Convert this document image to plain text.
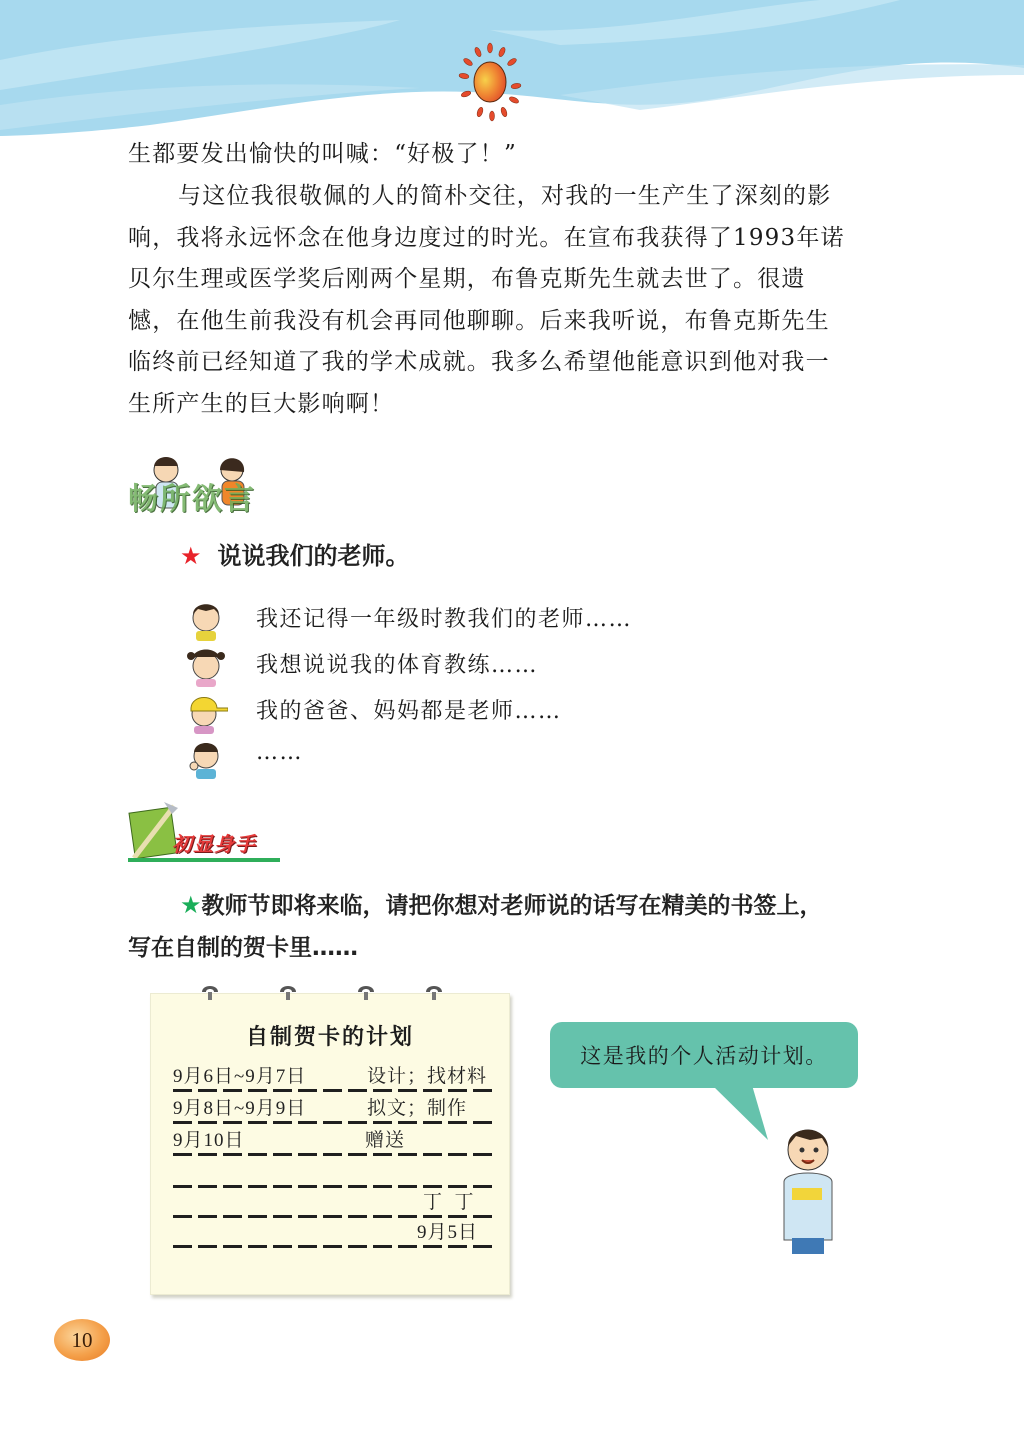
生都要发出愉快的叫喊：“好极了！”
与这位我很敬佩的人的简朴交往，对我的一生产生了深刻的影
响，我将永远怀念在他身边度过的时光。在宣布我获得了1993年诺
贝尔生理或医学奖后刚两个星期，布鲁克斯先生就去世了。很遗
憾，在他生前我没有机会再同他聊聊。后来我听说，布鲁克斯先生
临终前已经知道了我的学术成就。我多么希望他能意识到他对我一
生所产生的巨大影响啊！
畅所欲言
★ 说说我们的老师。
我还记得一年级时教我们的老师……
我想说说我的体育教练……
我的爸爸、妈妈都是老师……
……
初显身手
★教师节即将来临，请把你想对老师说的话写在精美的书签上，
写在自制的贺卡里……
自制贺卡的计划
9月6日~9月7日	设计；找材料
9月8日~9月9日	拟文；制作
9月10日	赠送
丁  丁
9月5日
这是我的个人活动计划。
10
